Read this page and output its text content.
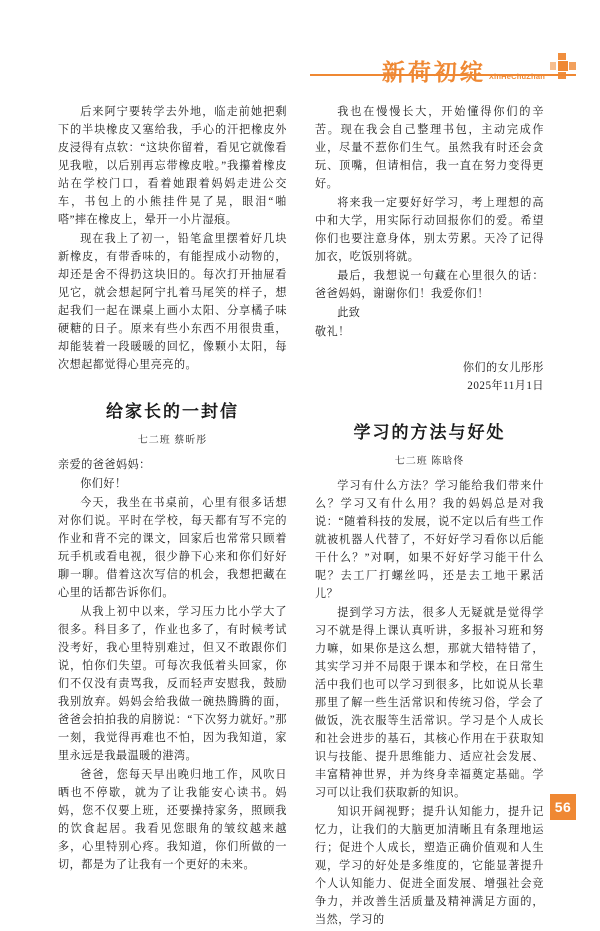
新荷初绽 XinHeChuZhan

后来阿宁要转学去外地，临走前她把剩下的半块橡皮又塞给我，手心的汗把橡皮外皮浸得有点软：“这块你留着，看见它就像看见我啦，以后别再忘带橡皮啦。”我攥着橡皮站在学校门口，看着她跟着妈妈走进公交车，书包上的小熊挂件晃了晃，眼泪“啪嗒”摔在橡皮上，晕开一小片湿痕。

现在我上了初一，铅笔盒里摆着好几块新橡皮，有带香味的，有能捏成小动物的，却还是舍不得扔这块旧的。每次打开抽屉看见它，就会想起阿宁扎着马尾笑的样子，想起我们一起在课桌上画小太阳、分享橘子味硬糖的日子。原来有些小东西不用很贵重，却能装着一段暖暖的回忆，像颗小太阳，每次想起都觉得心里亮亮的。

给家长的一封信
七二班 蔡昕彤

亲爱的爸爸妈妈：

你们好！

今天，我坐在书桌前，心里有很多话想对你们说。平时在学校，每天都有写不完的作业和背不完的课文，回家后也常常只顾着玩手机或看电视，很少静下心来和你们好好聊一聊。借着这次写信的机会，我想把藏在心里的话都告诉你们。

从我上初中以来，学习压力比小学大了很多。科目多了，作业也多了，有时候考试没考好，我心里特别难过，但又不敢跟你们说，怕你们失望。可每次我低着头回家，你们不仅没有责骂我，反而轻声安慰我，鼓励我别放弃。妈妈会给我做一碗热腾腾的面，爸爸会拍拍我的肩膀说：“下次努力就好。”那一刻，我觉得再难也不怕，因为我知道，家里永远是我最温暖的港湾。

爸爸，您每天早出晚归地工作，风吹日晒也不停歇，就为了让我能安心读书。妈妈，您不仅要上班，还要操持家务，照顾我的饮食起居。我看见您眼角的皱纹越来越多，心里特别心疼。我知道，你们所做的一切，都是为了让我有一个更好的未来。

我也在慢慢长大，开始懂得你们的辛苦。现在我会自己整理书包，主动完成作业，尽量不惹你们生气。虽然我有时还会贪玩、顶嘴，但请相信，我一直在努力变得更好。

将来我一定要好好学习，考上理想的高中和大学，用实际行动回报你们的爱。希望你们也要注意身体，别太劳累。天冷了记得加衣，吃饭别将就。

最后，我想说一句藏在心里很久的话：爸爸妈妈，谢谢你们！我爱你们！

此致

敬礼！

你们的女儿彤彤

2025年11月1日

学习的方法与好处
七二班 陈晗佟

学习有什么方法？学习能给我们带来什么？学习又有什么用？我的妈妈总是对我说：“随着科技的发展，说不定以后有些工作就被机器人代替了，不好好学习看你以后能干什么？”对啊，如果不好好学习能干什么呢？去工厂打螺丝吗，还是去工地干累活儿？

提到学习方法，很多人无疑就是觉得学习不就是得上课认真听讲，多报补习班和努力嘛，如果你是这么想，那就大错特错了，其实学习并不局限于课本和学校，在日常生活中我们也可以学习到很多，比如说从长辈那里了解一些生活常识和传统习俗，学会了做饭，洗衣服等生活常识。学习是个人成长和社会进步的基石，其核心作用在于获取知识与技能、提升思维能力、适应社会发展、丰富精神世界，并为终身幸福奠定基础。学习可以让我们获取新的知识。

知识开阔视野；提升认知能力，提升记忆力，让我们的大脑更加清晰且有条理地运行；促进个人成长，塑造正确价值观和人生观，学习的好处是多维度的，它能显著提升个人认知能力、促进全面发展、增强社会竞争力，并改善生活质量及精神满足方面的，当然，学习的

56
